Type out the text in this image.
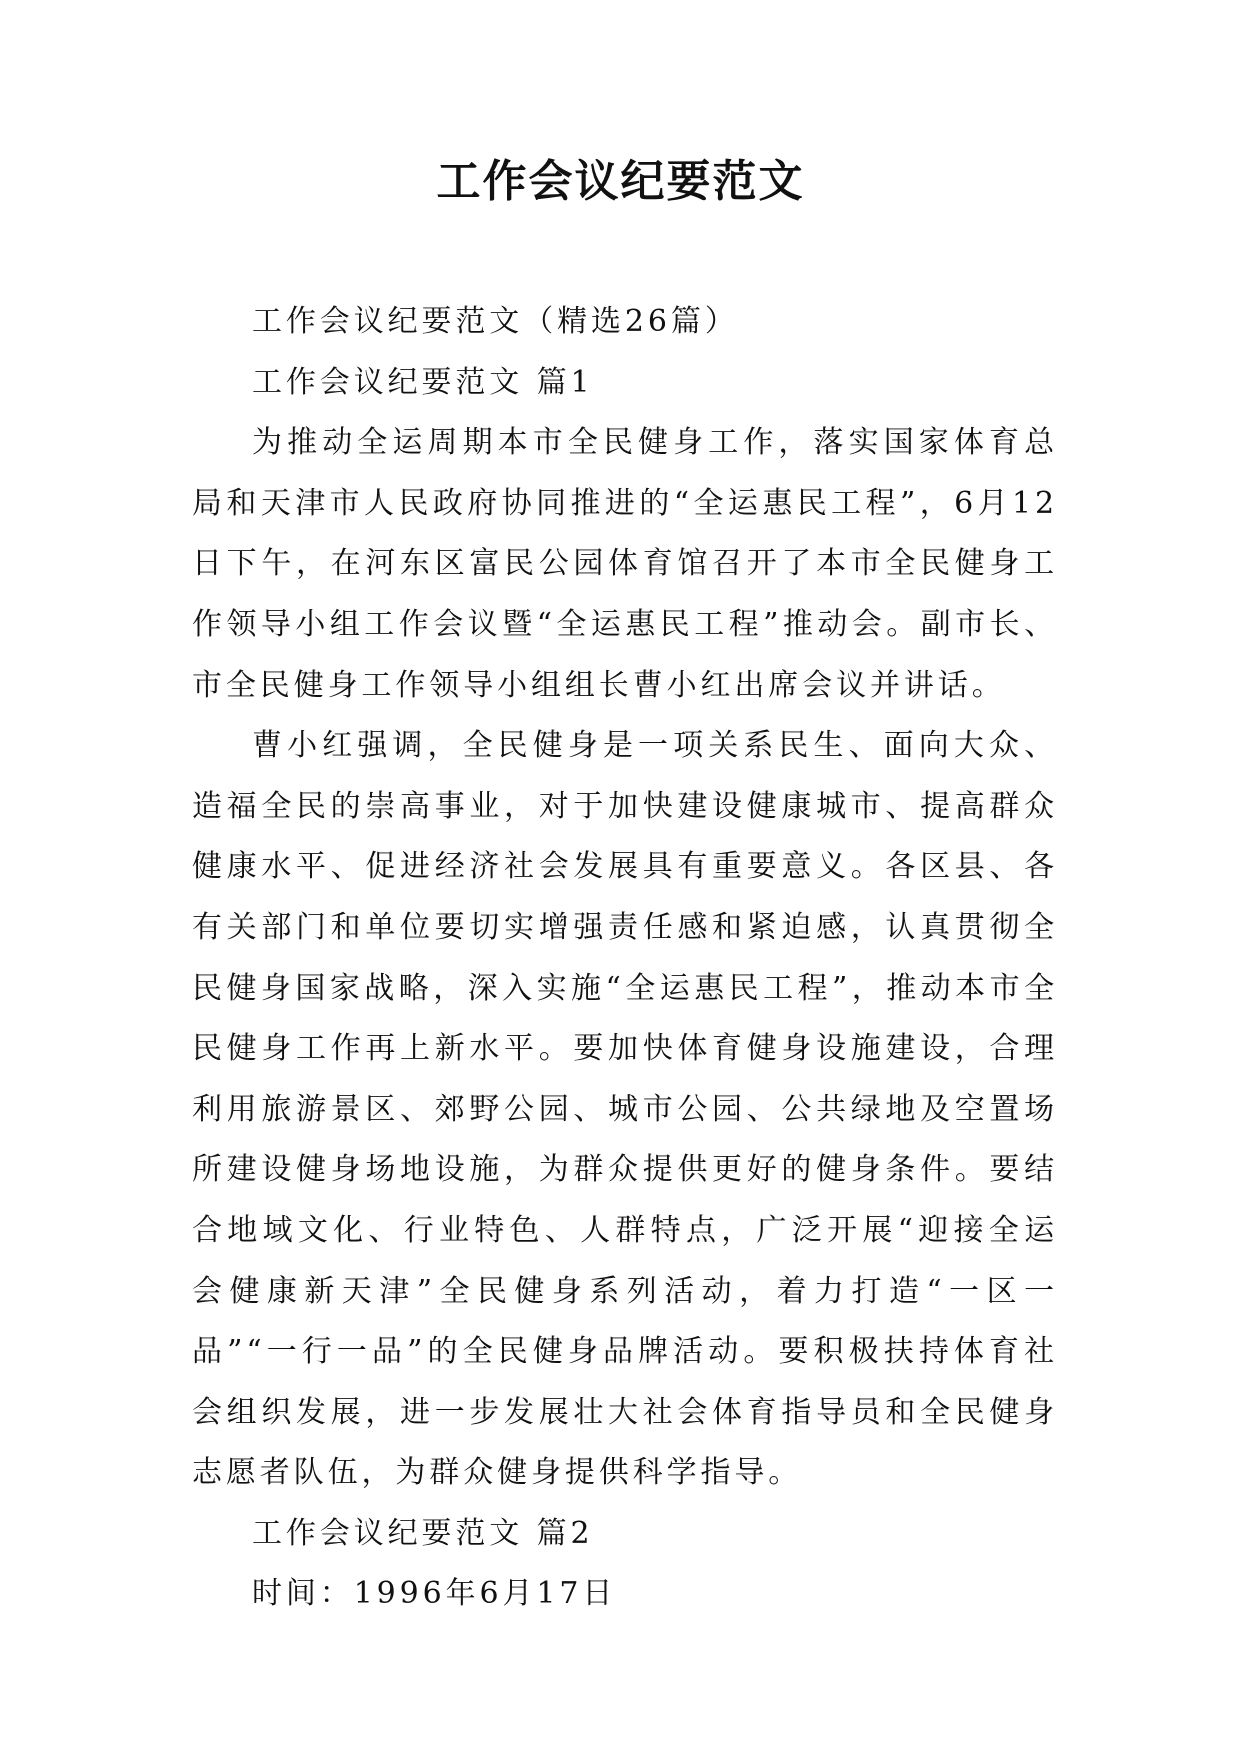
工作会议纪要范文

工作会议纪要范文（精选26篇）

工作会议纪要范文 篇1

为推动全运周期本市全民健身工作，落实国家体育总局和天津市人民政府协同推进的“全运惠民工程”，6月12日下午，在河东区富民公园体育馆召开了本市全民健身工作领导小组工作会议暨“全运惠民工程”推动会。副市长、市全民健身工作领导小组组长曹小红出席会议并讲话。

曹小红强调，全民健身是一项关系民生、面向大众、造福全民的崇高事业，对于加快建设健康城市、提高群众健康水平、促进经济社会发展具有重要意义。各区县、各有关部门和单位要切实增强责任感和紧迫感，认真贯彻全民健身国家战略，深入实施“全运惠民工程”，推动本市全民健身工作再上新水平。要加快体育健身设施建设，合理利用旅游景区、郊野公园、城市公园、公共绿地及空置场所建设健身场地设施，为群众提供更好的健身条件。要结合地域文化、行业特色、人群特点，广泛开展“迎接全运会健康新天津”全民健身系列活动，着力打造“一区一品”“一行一品”的全民健身品牌活动。要积极扶持体育社会组织发展，进一步发展壮大社会体育指导员和全民健身志愿者队伍，为群众健身提供科学指导。

工作会议纪要范文 篇2

时间：1996年6月17日
